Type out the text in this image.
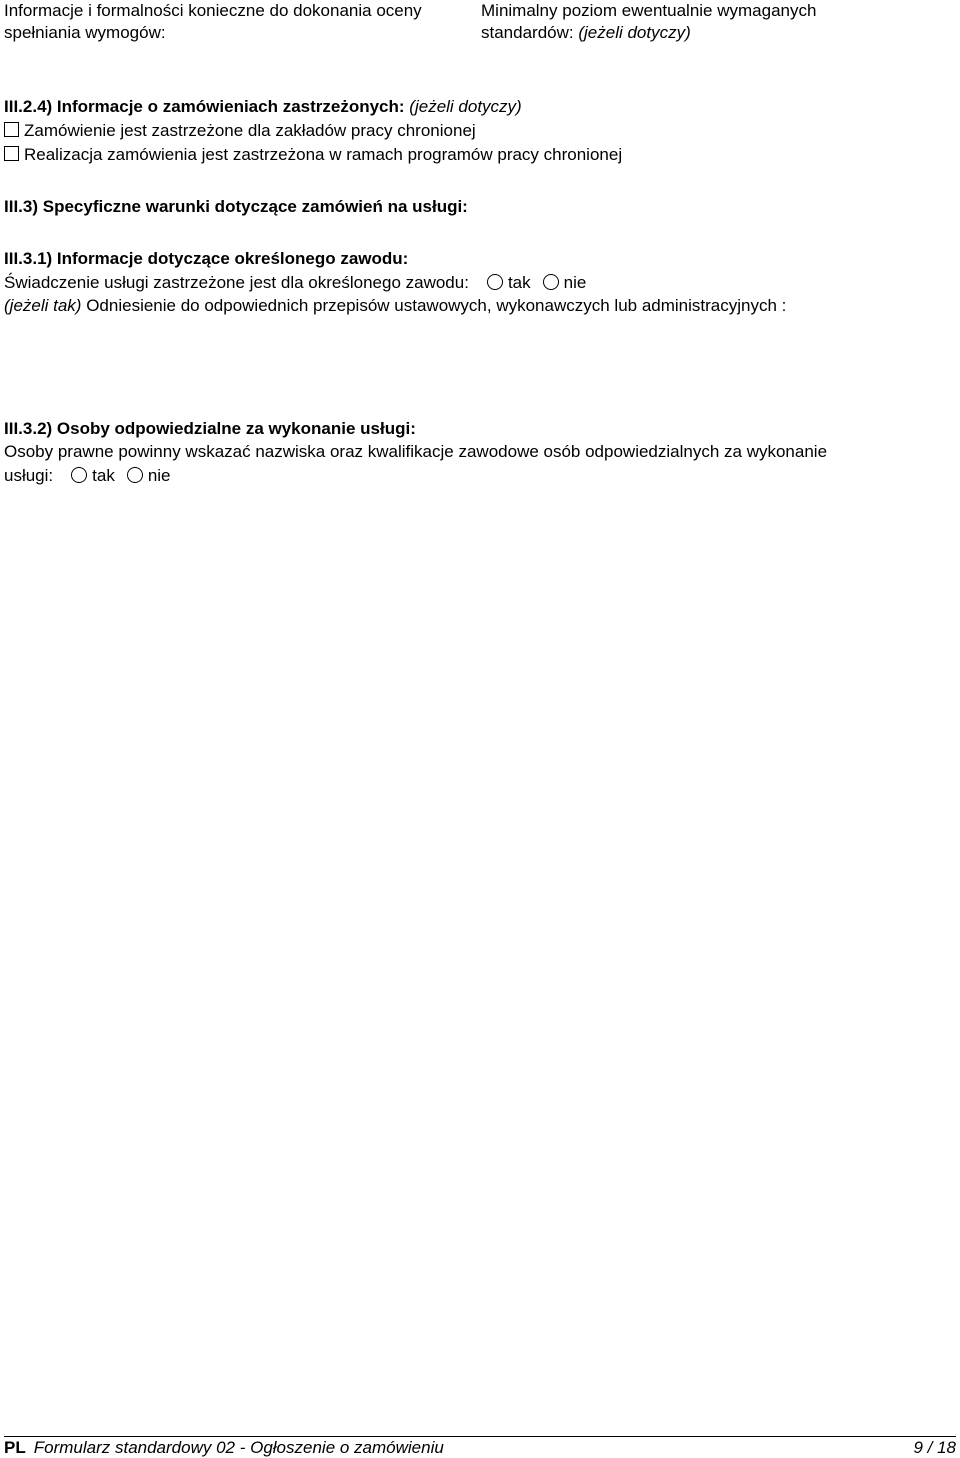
Informacje i formalności konieczne do dokonania oceny
spełniania wymogów:
Minimalny poziom ewentualnie wymaganych
standardów: (jeżeli dotyczy)
III.2.4) Informacje o zamówieniach zastrzeżonych: (jeżeli dotyczy)
Zamówienie jest zastrzeżone dla zakładów pracy chronionej
Realizacja zamówienia jest zastrzeżona w ramach programów pracy chronionej
III.3) Specyficzne warunki dotyczące zamówień na usługi:
III.3.1) Informacje dotyczące określonego zawodu:
Świadczenie usługi zastrzeżone jest dla określonego zawodu: tak nie
(jeżeli tak) Odniesienie do odpowiednich przepisów ustawowych, wykonawczych lub administracyjnych :
III.3.2) Osoby odpowiedzialne za wykonanie usługi:
Osoby prawne powinny wskazać nazwiska oraz kwalifikacje zawodowe osób odpowiedzialnych za wykonanie
usługi: tak nie
PL Formularz standardowy 02 - Ogłoszenie o zamówieniu	9 / 18
